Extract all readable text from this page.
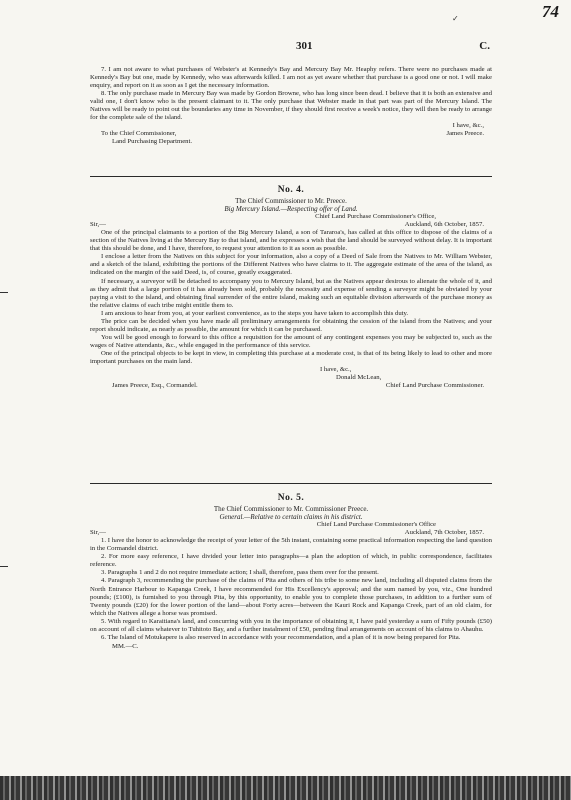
74
✓
301	C.

7. I am not aware to what purchases of Webster's at Kennedy's Bay and Mercury Bay Mr. Heaphy refers. There were no purchases made at Kennedy's Bay but one, made by Kennedy, who was afterwards killed. I am not as yet aware whether that purchase is a good one or not. I will make enquiry, and report on it as soon as I get the necessary information.

8. The only purchase made in Mercury Bay was made by Gordon Browne, who has long since been dead. I believe that it is both an extensive and valid one, I don't know who is the present claimant to it. The only purchase that Webster made in that part was part of the Mercury Island. The Natives will be ready to point out the boundaries any time in November, if they should first receive a week's notice, they will then be ready to arrange for the complete sale of the island.

I have, &c.,
To the Chief Commissioner,	James Preece.
Land Purchasing Department.
No. 4.
The Chief Commissioner to Mr. Preece.
Big Mercury Island.—Respecting offer of Land.
Chief Land Purchase Commissioner's Office,
Sir,—	Auckland, 6th October, 1857.

One of the principal claimants to a portion of the Big Mercury Island, a son of Tararoa's, has called at this office to dispose of the claims of a section of the Natives living at the Mercury Bay to that island, and he expresses a wish that the land should be surveyed without delay. It is important that this should be done, and I have, therefore, to request your attention to it as soon as possible.

I enclose a letter from the Natives on this subject for your information, also a copy of a Deed of Sale from the Natives to Mr. William Webster, and a sketch of the island, exhibiting the portions of the Different Natives who have claims to it. The aggregate estimate of the area of the island, as indicated on the margin of the said Deed, is, of course, greatly exaggerated.

If necessary, a surveyor will be detached to accompany you to Mercury Island, but as the Natives appear desirous to alienate the whole of it, and as they admit that a large portion of it has already been sold, probably the necessity and expense of sending a surveyor might be obviated by your paying a visit to the island, and obtaining final surrender of the entire island, making such an equitable division afterwards of the purchase money as the relative claims of each tribe might entitle them to.

I am anxious to hear from you, at your earliest convenience, as to the steps you have taken to accomplish this duty.

The price can be decided when you have made all preliminary arrangements for obtaining the cession of the island from the Natives; and your report should indicate, as nearly as possible, the amount for which it can be purchased.

You will be good enough to forward to this office a requisition for the amount of any contingent expenses you may be subjected to, such as the wages of Native attendants, &c., while engaged in the performance of this service.

One of the principal objects to be kept in view, in completing this purchase at a moderate cost, is that of its being likely to lead to other and more important purchases on the main land.

I have, &c.,
Donald McLean,
James Preece, Esq., Cormandel.	Chief Land Purchase Commissioner.
No. 5.
The Chief Commissioner to Mr. Commissioner Preece.
General.—Relative to certain claims in his district.
Chief Land Purchase Commissioner's Office
Sir,—	Auckland, 7th October, 1857.

1. I have the honor to acknowledge the receipt of your letter of the 5th instant, containing some practical information respecting the land question in the Cormandel district.

2. For more easy reference, I have divided your letter into paragraphs—a plan the adoption of which, in public correspondence, facilitates reference.

3. Paragraphs 1 and 2 do not require immediate action; I shall, therefore, pass them over for the present.

4. Paragraph 3, recommending the purchase of the claims of Pita and others of his tribe to some new land, including all disputed claims from the North Entrance Harbour to Kapanga Creek, I have recommended for His Excellency's approval; and the sum named by you, viz., One hundred pounds; (£100), is furnished to you through Pita, by this opportunity, to enable you to complete those purchases, in addition to a further sum of Twenty pounds (£20) for the lower portion of the land—about Forty acres—between the Kauri Rock and Kapanga Creek, part of an old claim, for which the Natives allege a horse was promised.

5. With regard to Karaitiana's land, and concurring with you in the importance of obtaining it, I have paid yesterday a sum of Fifty pounds (£50) on account of all claims whatever to Tuhitoto Bay, and a further instalment of £50, pending final arrangements on account of his claims to Ahauhu.

6. The Island of Motukapere is also reserved in accordance with your recommendation, and a plan of it is now being prepared for Pita.

MM.—C.
